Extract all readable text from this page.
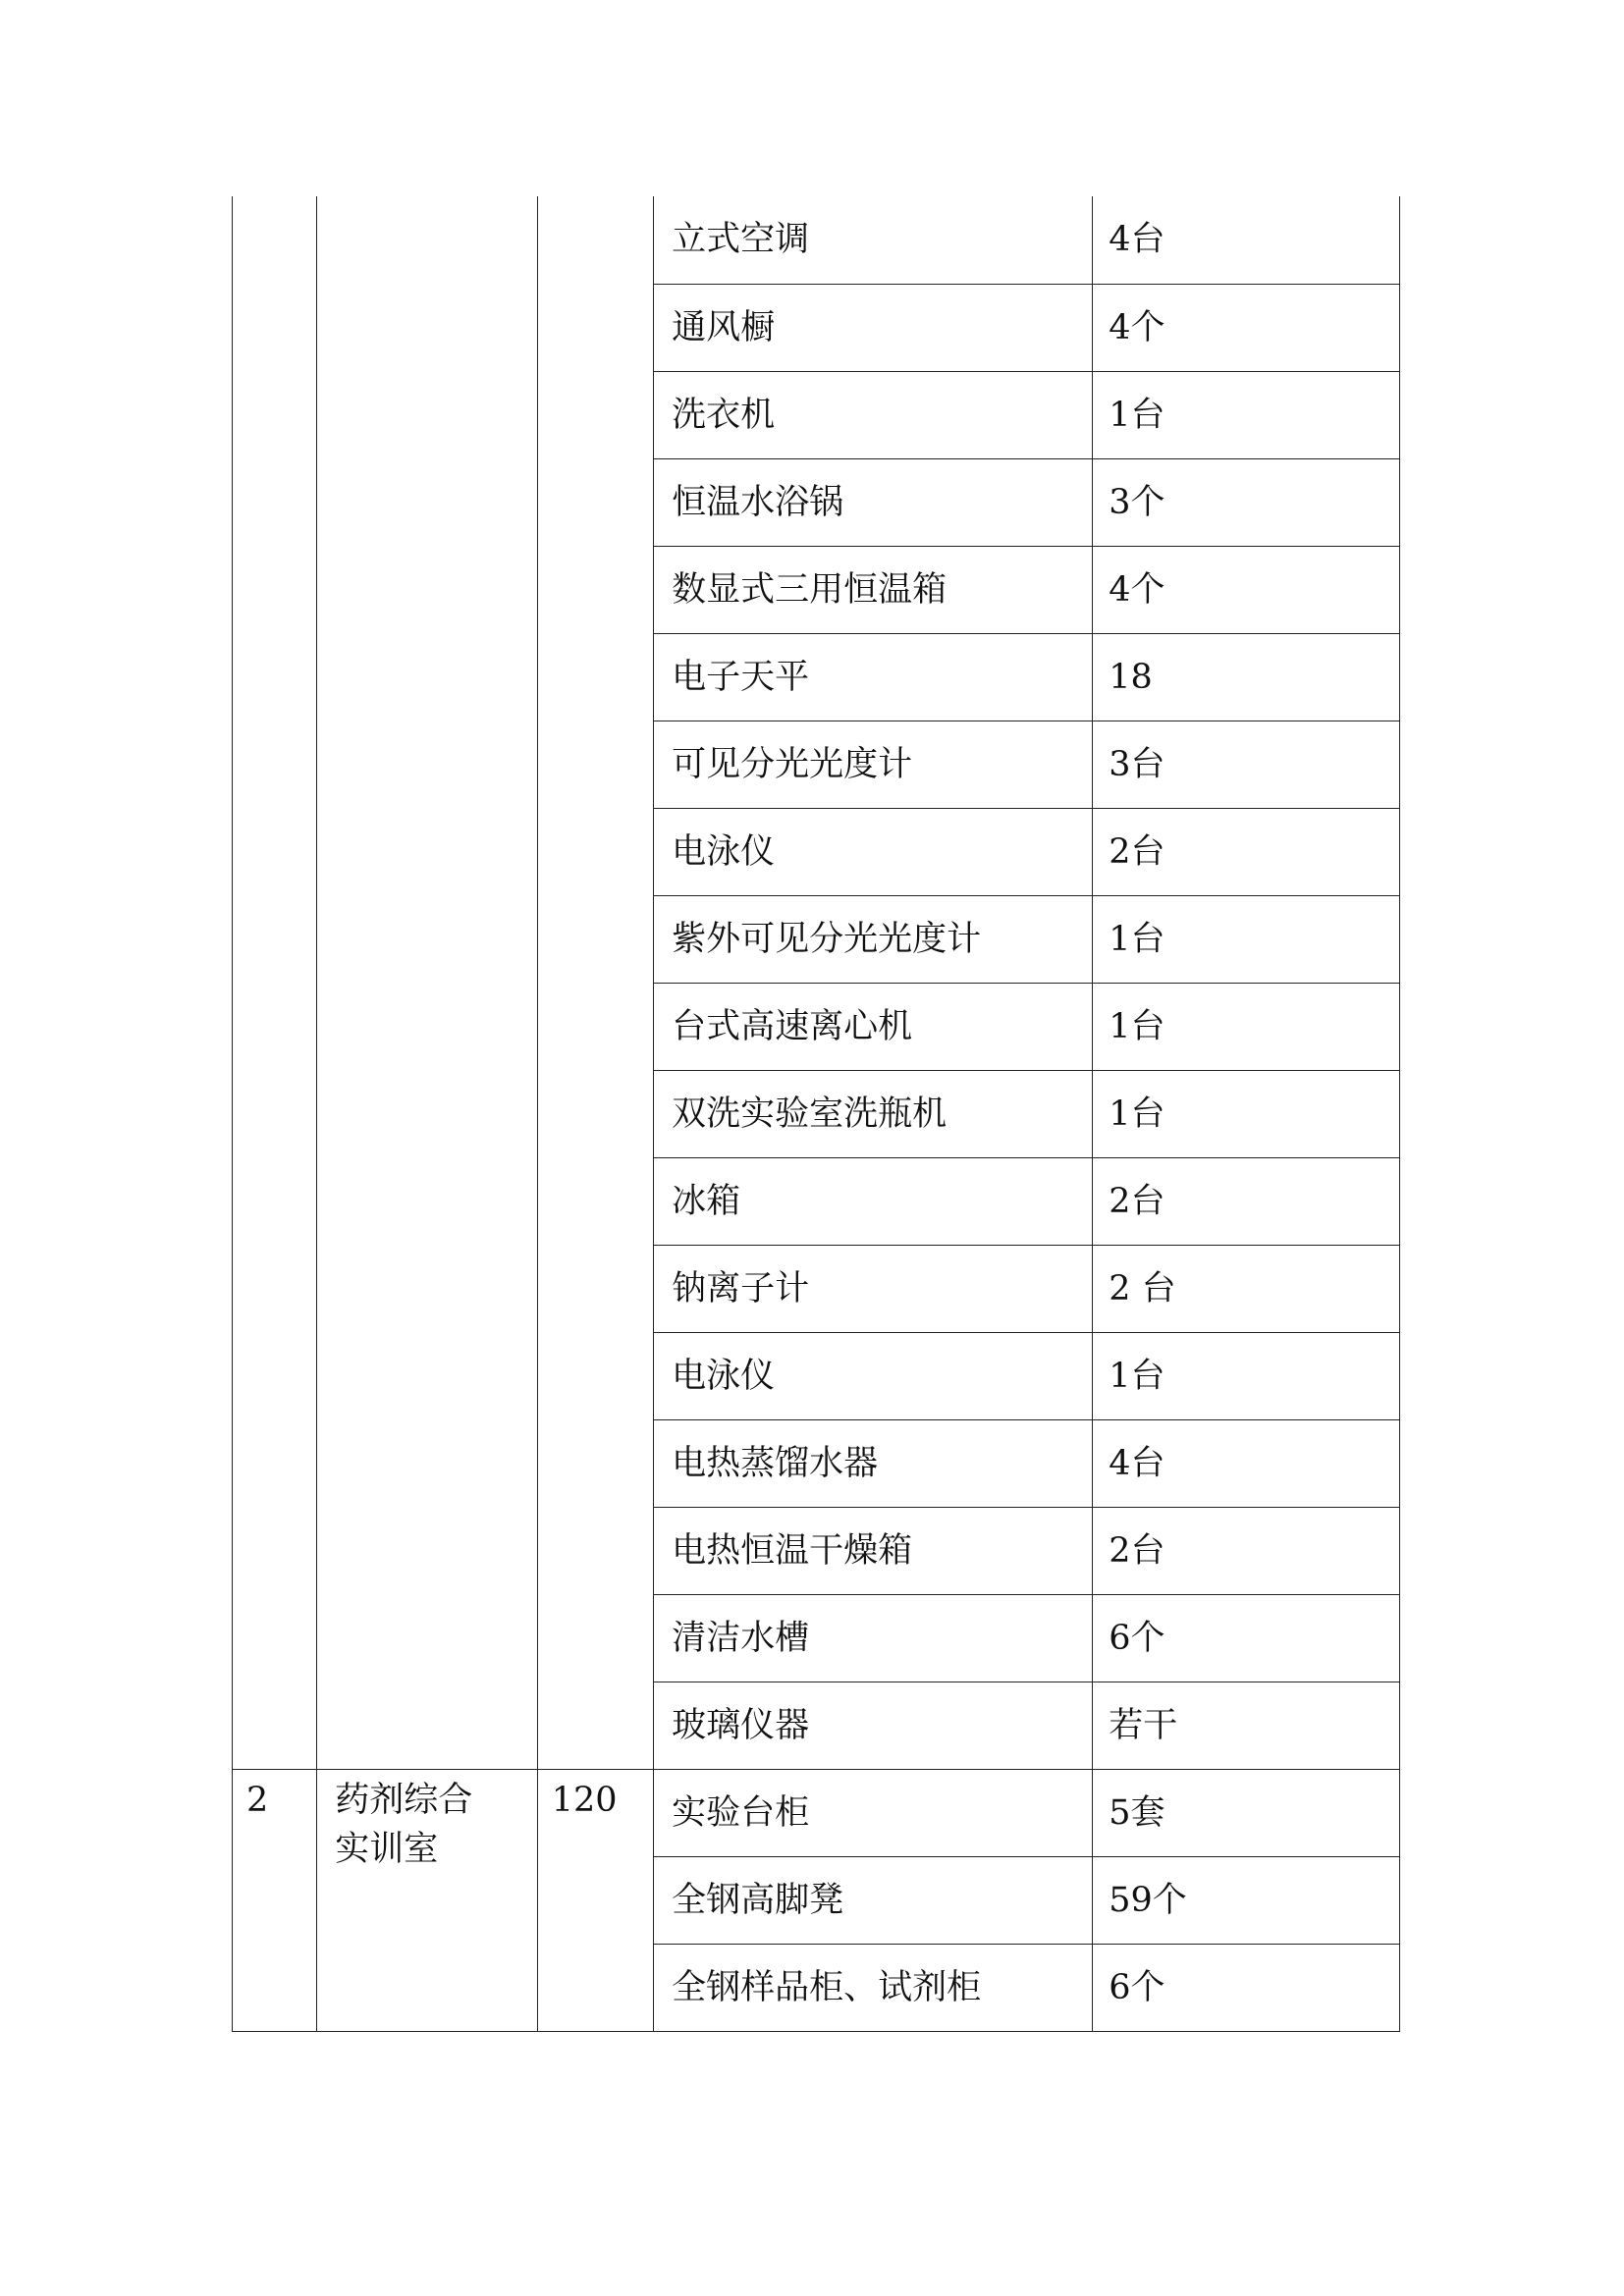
			立式空调	4台
			通风橱	4个
			洗衣机	1台
			恒温水浴锅	3个
			数显式三用恒温箱	4个
			电子天平	18
			可见分光光度计	3台
			电泳仪	2台
			紫外可见分光光度计	1台
			台式高速离心机	1台
			双洗实验室洗瓶机	1台
			冰箱	2台
			钠离子计	2 台
			电泳仪	1台
			电热蒸馏水器	4台
			电热恒温干燥箱	2台
			清洁水槽	6个
			玻璃仪器	若干
2	药剂综合
实训室	120	实验台柜	5套
			全钢高脚凳	59个
			全钢样品柜、试剂柜	6个
